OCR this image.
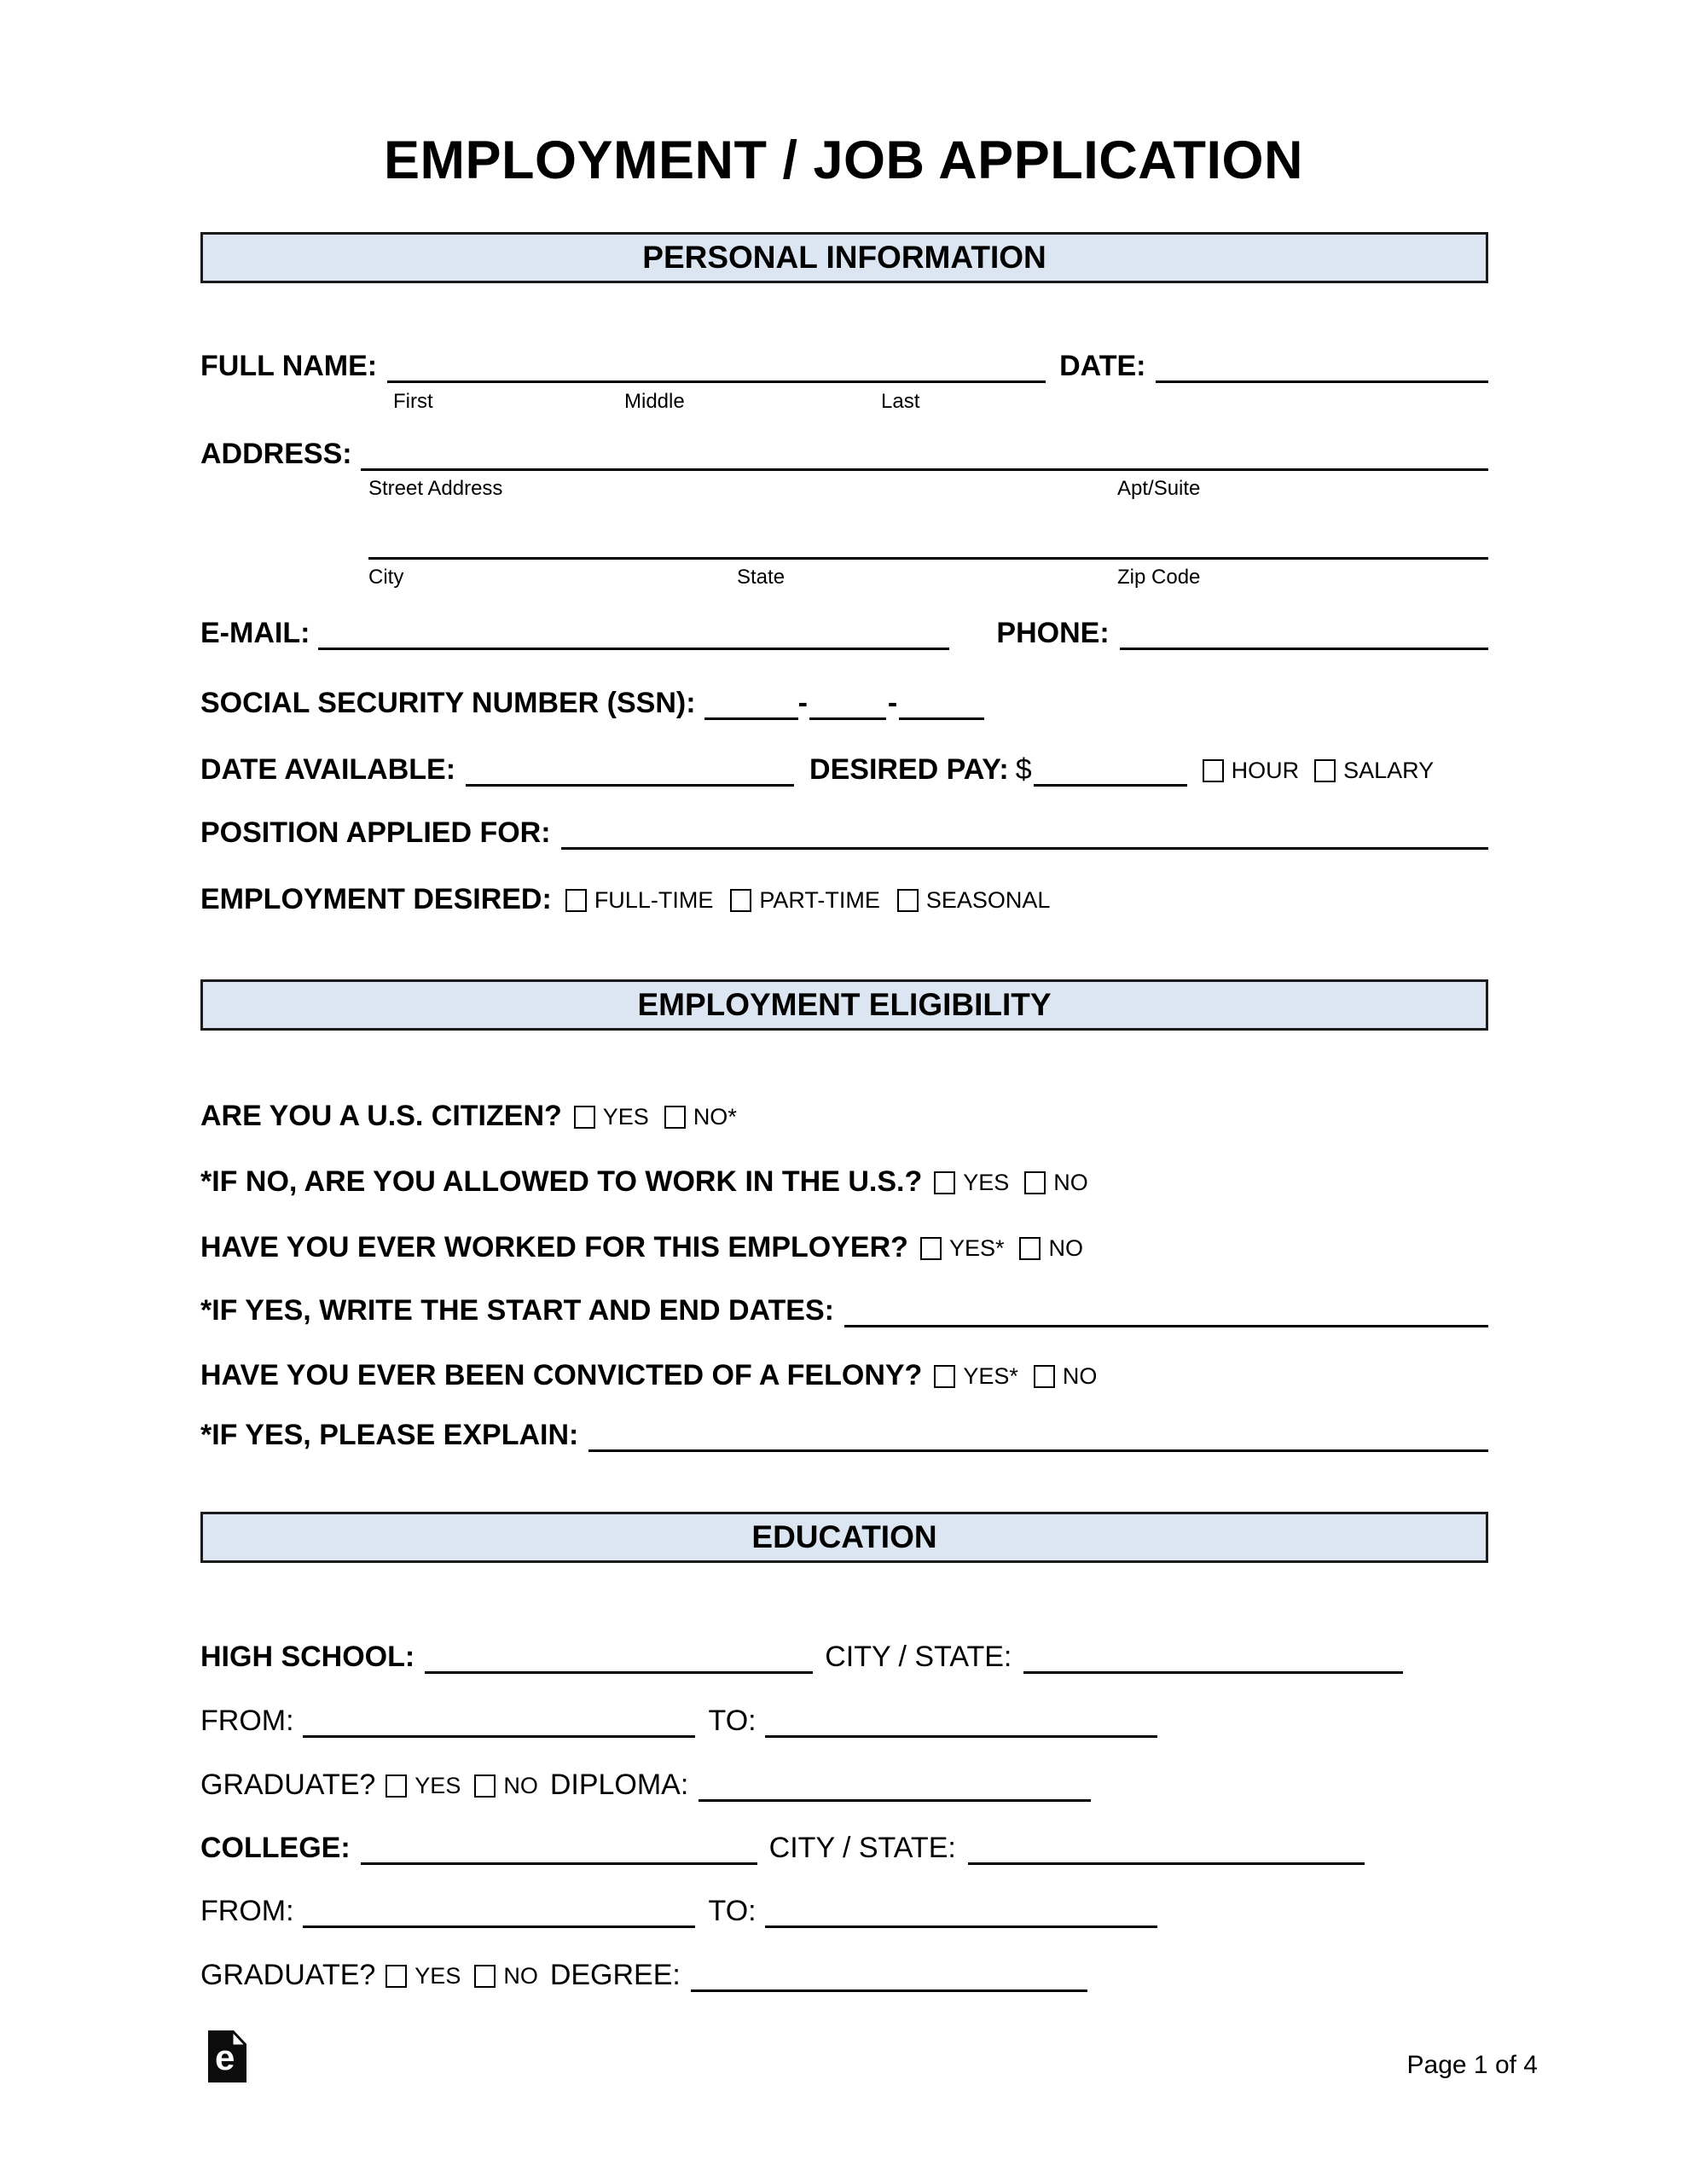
EMPLOYMENT / JOB APPLICATION
PERSONAL INFORMATION
FULL NAME:	DATE:
First	Middle	Last
ADDRESS:
Street Address	Apt/Suite
City	State	Zip Code
E-MAIL:	PHONE:
SOCIAL SECURITY NUMBER (SSN):	-	-
DATE AVAILABLE:	DESIRED PAY: $	HOUR SALARY
POSITION APPLIED FOR:
EMPLOYMENT DESIRED: FULL-TIME PART-TIME SEASONAL
EMPLOYMENT ELIGIBILITY
ARE YOU A U.S. CITIZEN? YES NO*
*IF NO, ARE YOU ALLOWED TO WORK IN THE U.S.? YES NO
HAVE YOU EVER WORKED FOR THIS EMPLOYER? YES* NO
*IF YES, WRITE THE START AND END DATES:
HAVE YOU EVER BEEN CONVICTED OF A FELONY? YES* NO
*IF YES, PLEASE EXPLAIN:
EDUCATION
HIGH SCHOOL:	CITY / STATE:
FROM:	TO:
GRADUATE? YES NO DIPLOMA:
COLLEGE:	CITY / STATE:
FROM:	TO:
GRADUATE? YES NO DEGREE:
e	Page 1 of 4
